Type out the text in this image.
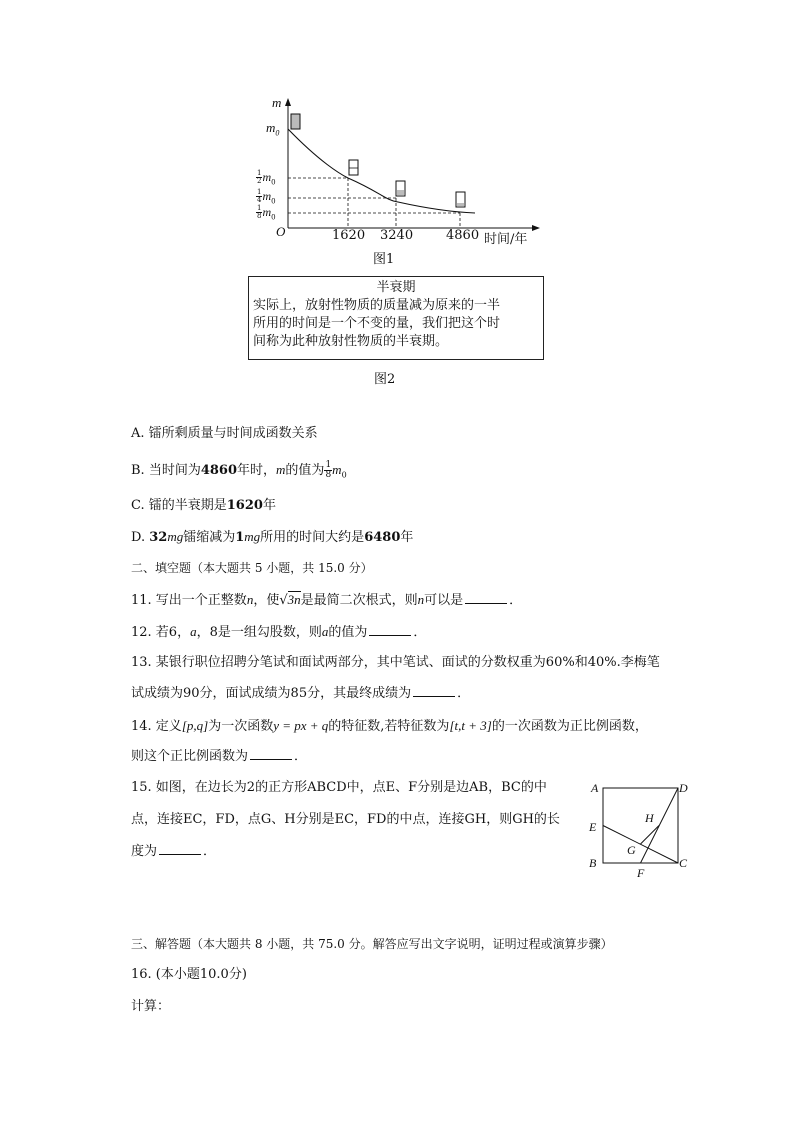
m
$m_0$
$\frac{1}{2} m_0$
$\frac{1}{4} m_0$
$\frac{1}{8} m_0$
O	1620 3240	4860 时间/年
图1
半衰期
实际上，放射性物质的质量减为原来的一半
所用的时间是一个不变的量，我们把这个时
间称为此种放射性物质的半衰期。
图2
A. 镭所剩质量与时间成函数关系
B. 当时间为4860年时，m的值为 $\frac{1}{8} m_0$
C. 镭的半衰期是1620年
D. 32mg镭缩减为1mg所用的时间大约是6480年
二、填空题（本大题共 5 小题，共 15.0 分）
11. 写出一个正整数n，使√3n是最简二次根式，则n可以是	．
12. 若6，a，8是一组勾股数，则a的值为	．
13. 某银行职位招聘分笔试和面试两部分，其中笔试、面试的分数权重为60%和40%.李梅笔
试成绩为90分，面试成绩为85分，其最终成绩为	．
14. 定义[p,q]为一次函数y = px + q的特征数,若特征数为[t,t + 3]的一次函数为正比例函数，
则这个正比例函数为	．
15. 如图，在边长为2的正方形ABCD中，点E、F分别是边AB，BC的中
点，连接EC，FD，点G、H分别是EC，FD的中点，连接GH，则GH的长
度为	．
A	D
E
H
G
B	C
F
三、解答题（本大题共 8 小题，共 75.0 分。解答应写出文字说明，证明过程或演算步骤）
16. (本小题10.0分)
计算：
